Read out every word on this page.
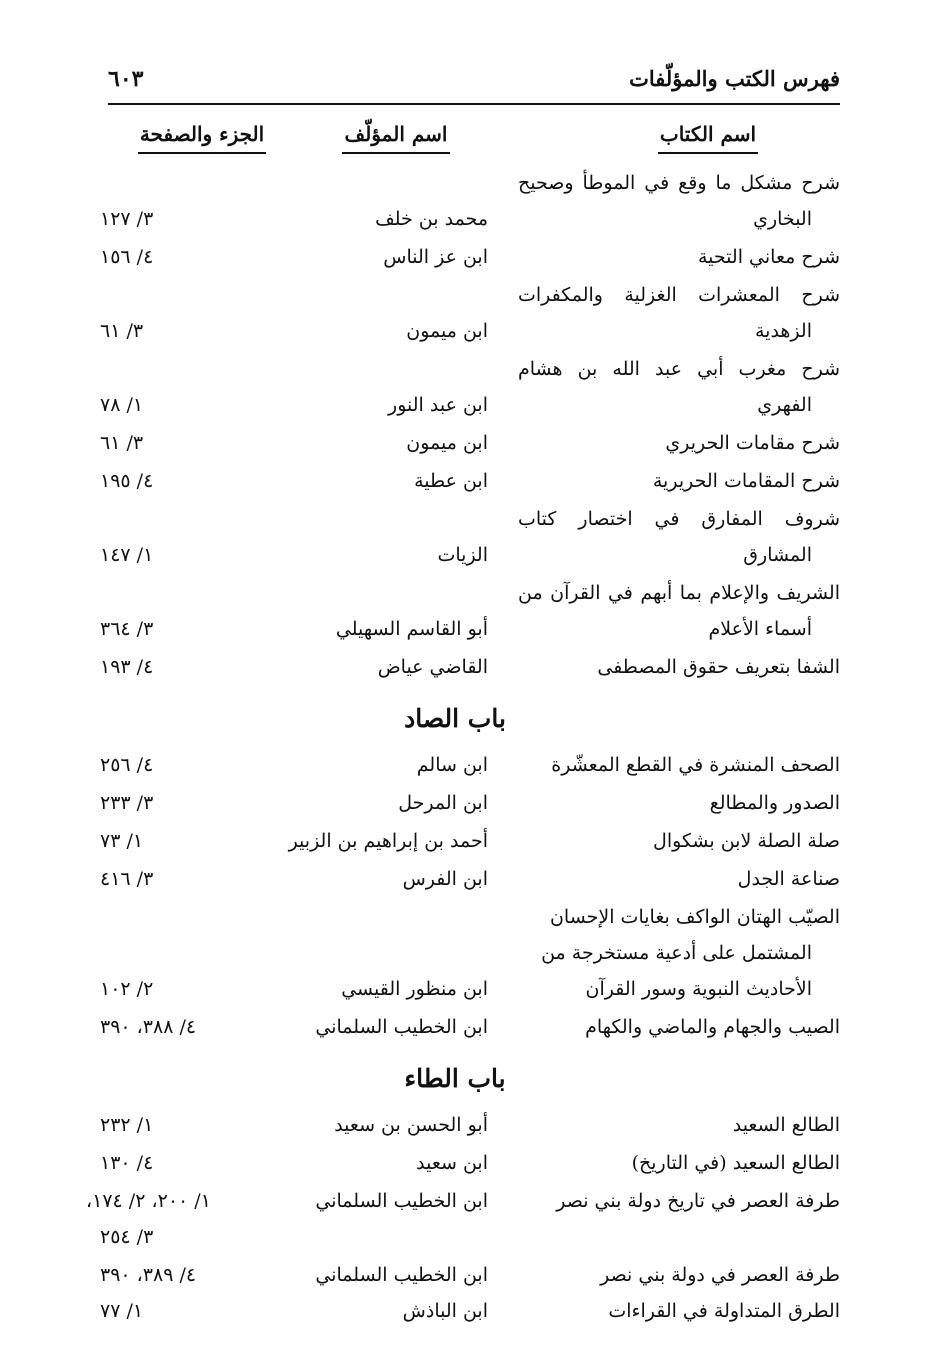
فهرس الكتب والمؤلّفات
٦٠٣
اسم الكتاب
اسم المؤلّف
الجزء والصفحة
شرح مشكل ما وقع في الموطأ وصحيح
البخاري
محمد بن خلف
٣/ ١٢٧
شرح معاني التحية
ابن عز الناس
٤/ ١٥٦
شرح المعشرات الغزلية والمكفرات
الزهدية
ابن ميمون
٣/ ٦١
شرح مغرب أبي عبد الله بن هشام
الفهري
ابن عبد النور
١/ ٧٨
شرح مقامات الحريري
ابن ميمون
٣/ ٦١
شرح المقامات الحريرية
ابن عطية
٤/ ١٩٥
شروف المفارق في اختصار كتاب
المشارق
الزيات
١/ ١٤٧
الشريف والإعلام بما أبهم في القرآن من
أسماء الأعلام
أبو القاسم السهيلي
٣/ ٣٦٤
الشفا بتعريف حقوق المصطفى
القاضي عياض
٤/ ١٩٣
باب الصاد
الصحف المنشرة في القطع المعشّرة
ابن سالم
٤/ ٢٥٦
الصدور والمطالع
ابن المرحل
٣/ ٢٣٣
صلة الصلة لابن بشكوال
أحمد بن إبراهيم بن الزبير
١/ ٧٣
صناعة الجدل
ابن الفرس
٣/ ٤١٦
الصيّب الهتان الواكف بغايات الإحسان
المشتمل على أدعية مستخرجة من
الأحاديث النبوية وسور القرآن
ابن منظور القيسي
٢/ ١٠٢
الصيب والجهام والماضي والكهام
ابن الخطيب السلماني
٤/ ٣٨٨، ٣٩٠
باب الطاء
الطالع السعيد
أبو الحسن بن سعيد
١/ ٢٣٢
الطالع السعيد (في التاريخ)
ابن سعيد
٤/ ١٣٠
طرفة العصر في تاريخ دولة بني نصر
ابن الخطيب السلماني
١/ ٢٠٠، ٢/ ١٧٤،
٣/ ٢٥٤
طرفة العصر في دولة بني نصر
ابن الخطيب السلماني
٤/ ٣٨٩، ٣٩٠
الطرق المتداولة في القراءات
ابن الباذش
١/ ٧٧
